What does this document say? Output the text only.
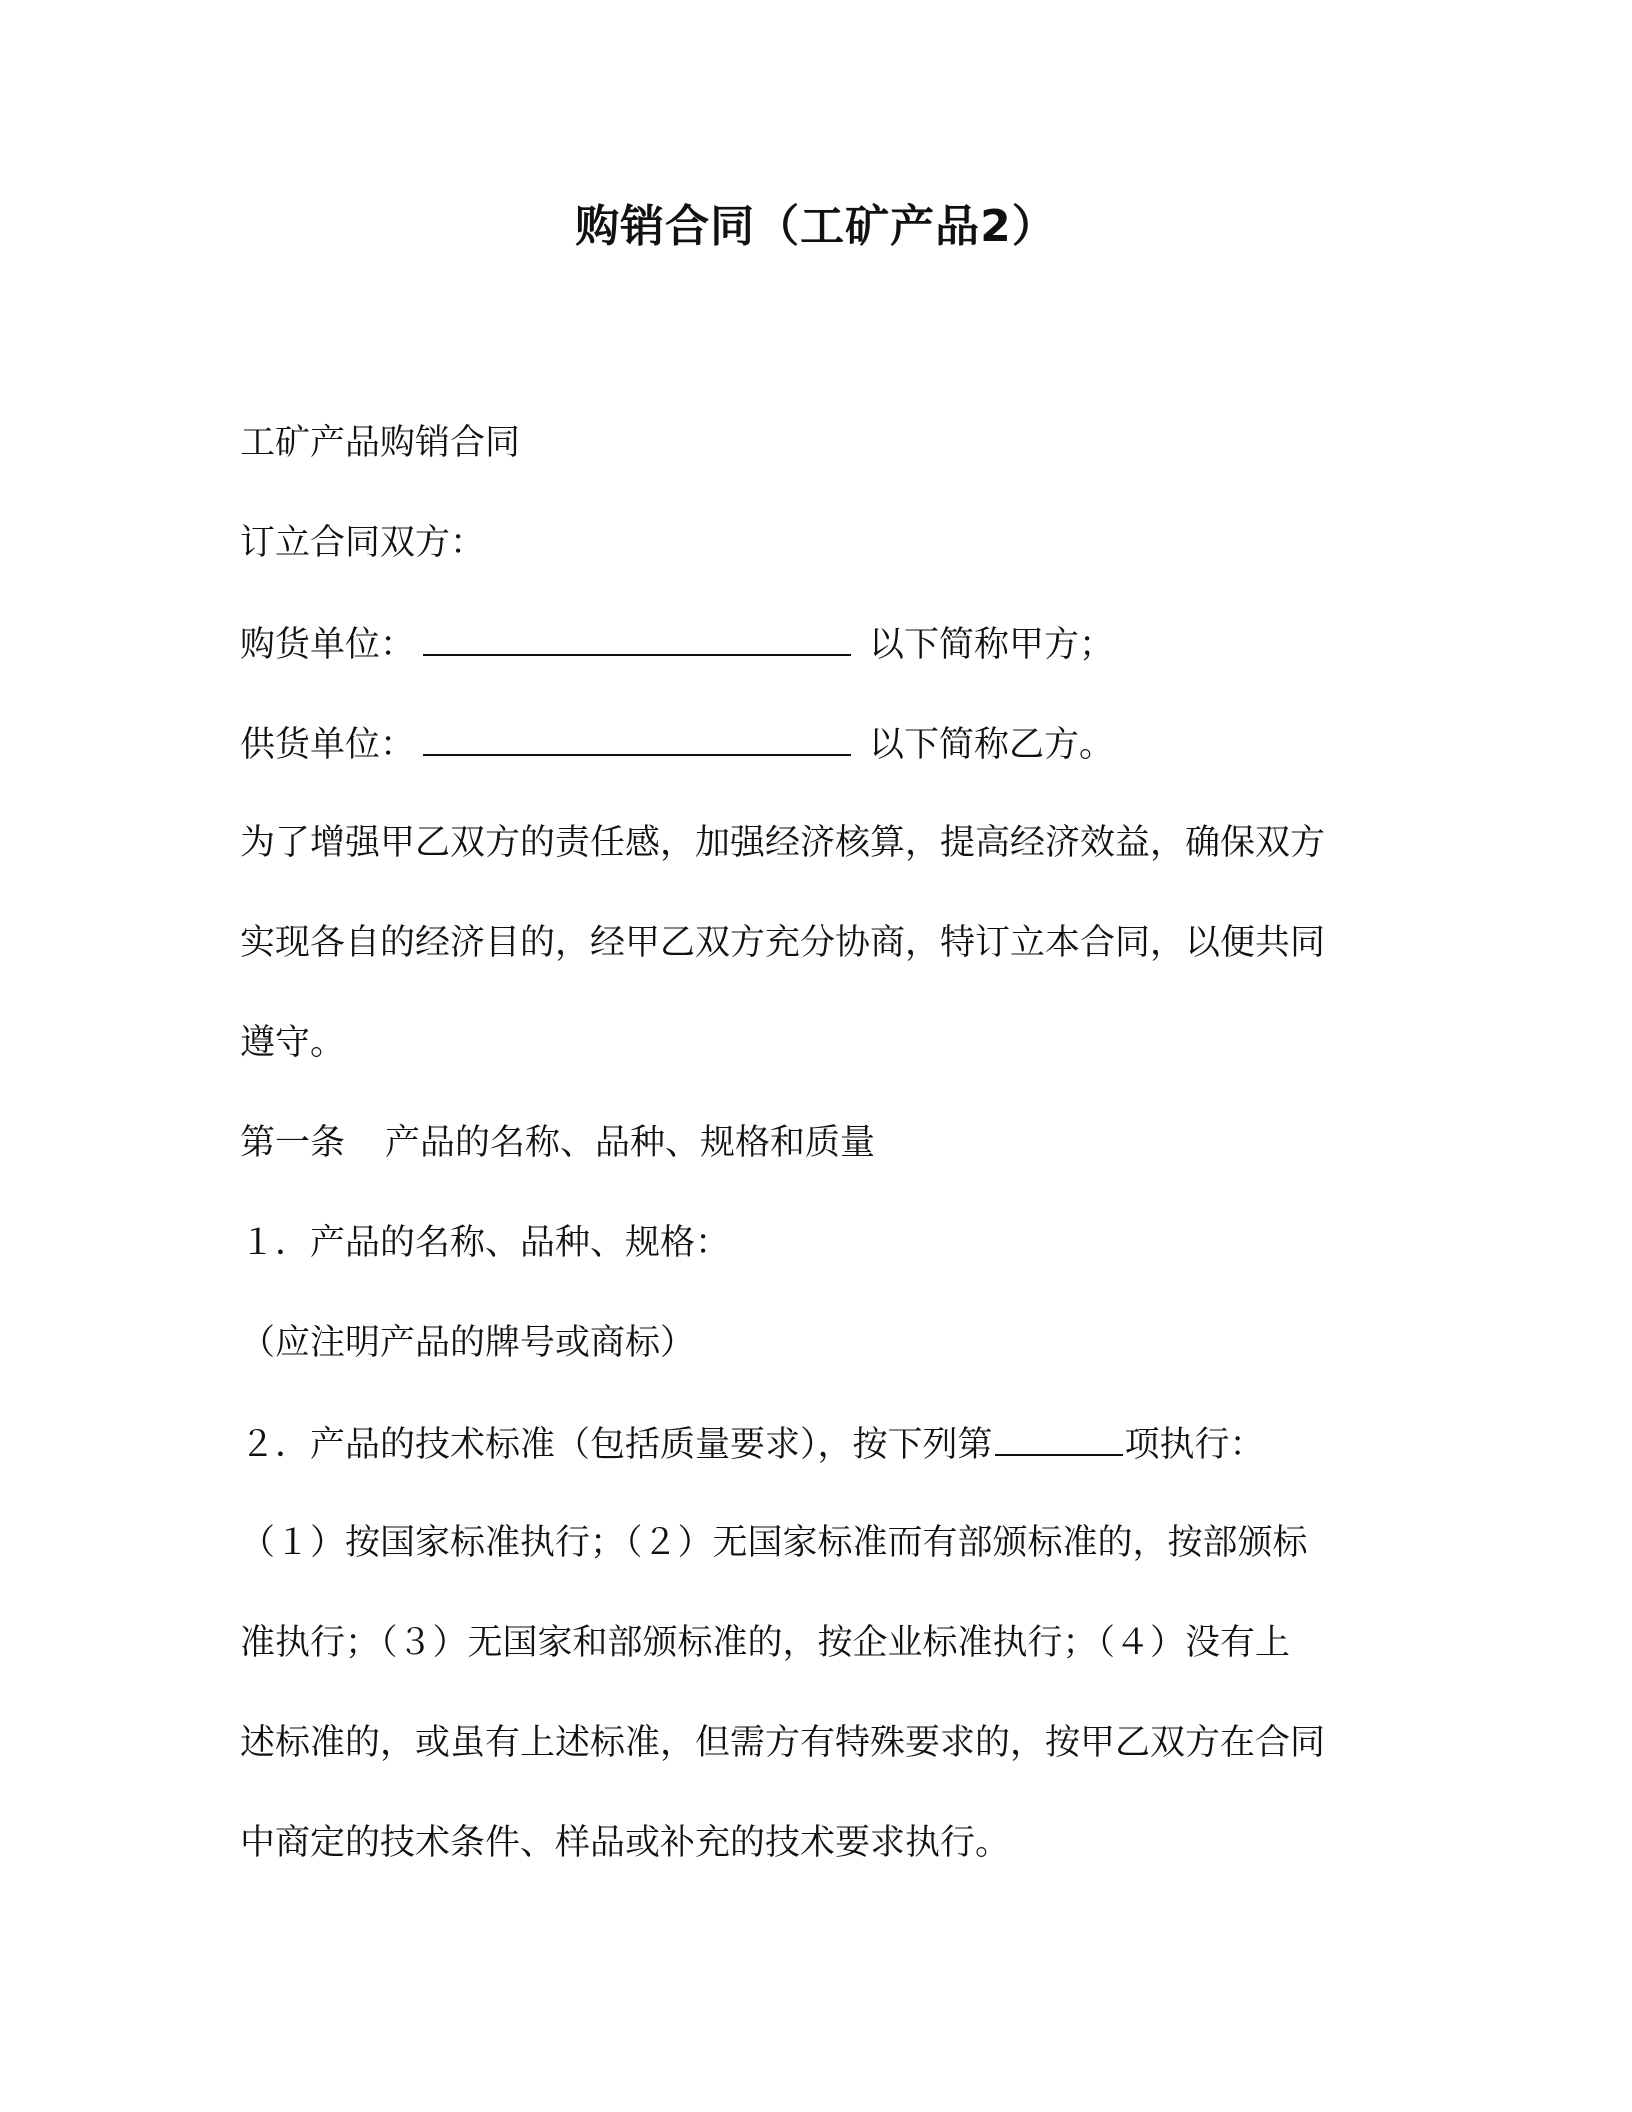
购销合同（工矿产品2）
工矿产品购销合同
订立合同双方：
购货单位：	以下简称甲方；
供货单位：	以下简称乙方。
为了增强甲乙双方的责任感，加强经济核算，提高经济效益，确保双方
实现各自的经济目的，经甲乙双方充分协商，特订立本合同，以便共同
遵守。
第一条 产品的名称、品种、规格和质量
１．产品的名称、品种、规格：
（应注明产品的牌号或商标）
２．产品的技术标准（包括质量要求），按下列第	项执行：
（１）按国家标准执行；（２）无国家标准而有部颁标准的，按部颁标
准执行；（３）无国家和部颁标准的，按企业标准执行；（４）没有上
述标准的，或虽有上述标准，但需方有特殊要求的，按甲乙双方在合同
中商定的技术条件、样品或补充的技术要求执行。
